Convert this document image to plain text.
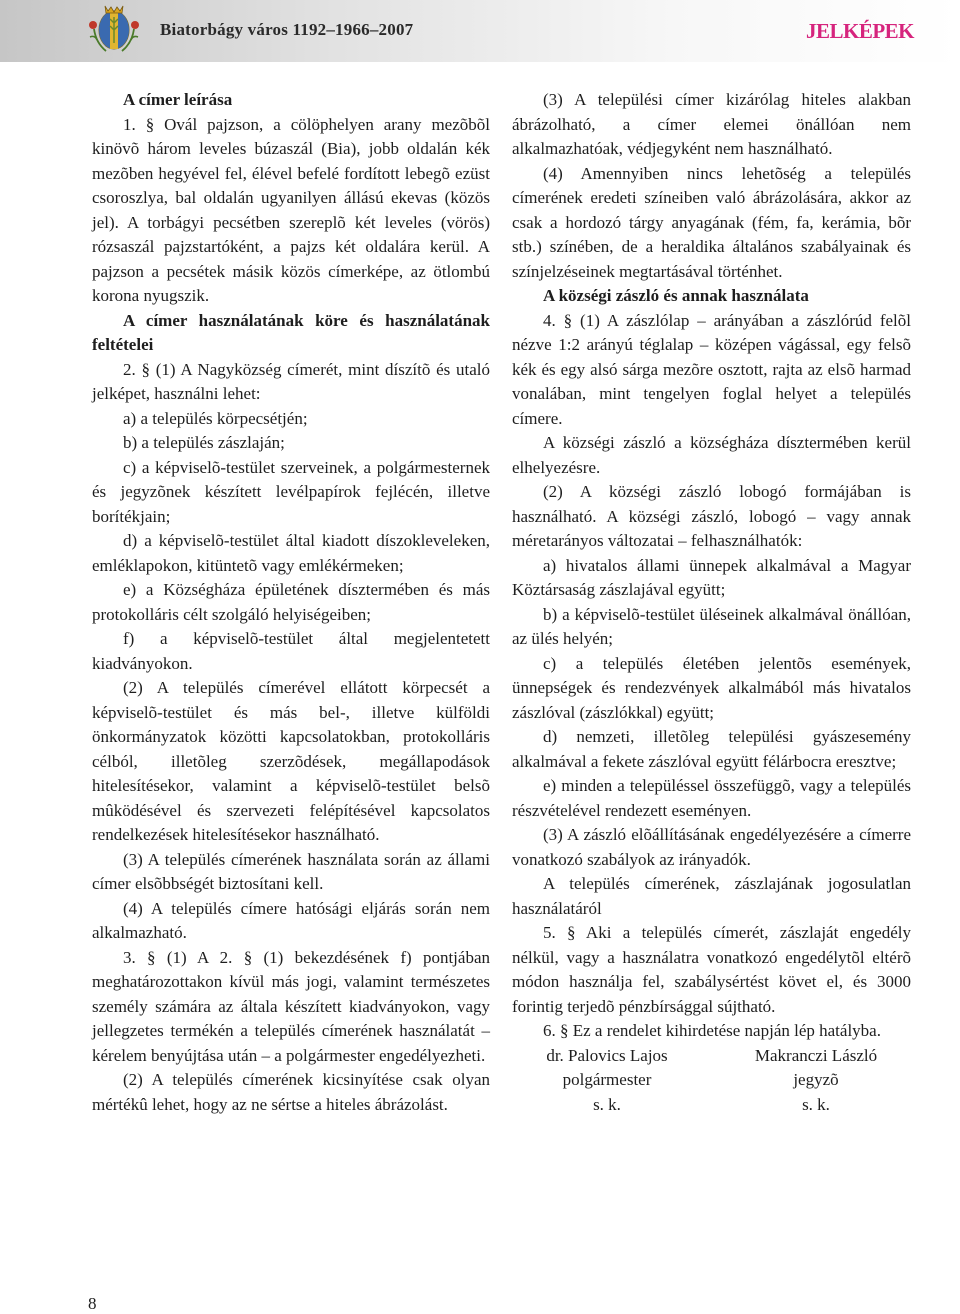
Biatorbágy város 1192–1966–2007	JELKÉPEK

A címer leírása

1. § Ovál pajzson, a cölöphelyen arany mezõbõl kinövõ három leveles búzaszál (Bia), jobb oldalán kék mezõben hegyével fel, élével befelé fordított lebegõ ezüst csoroszlya, bal oldalán ugyanilyen állású ekevas (közös jel). A torbágyi pecsétben szereplõ két leveles (vörös) rózsaszál pajzstartóként, a pajzs két oldalára kerül. A pajzson a pecsétek másik közös címerképe, az ötlombú korona nyugszik.

A címer használatának köre és használatának feltételei

2. § (1) A Nagyközség címerét, mint díszítõ és utaló jelképet, használni lehet:

a) a település körpecsétjén;

b) a település zászlaján;

c) a képviselõ-testület szerveinek, a polgármesternek és jegyzõnek készített levélpapírok fejlécén, illetve borítékjain;

d) a képviselõ-testület által kiadott díszokleveleken, emléklapokon, kitüntetõ vagy emlékérmeken;

e) a Községháza épületének dísztermében és más protokolláris célt szolgáló helyiségeiben;

f) a képviselõ-testület által megjelentetett kiadványokon.

(2) A település címerével ellátott körpecsét a képviselõ-testület és más bel-, illetve külföldi önkormányzatok közötti kapcsolatokban, protokolláris célból, illetõleg szerzõdések, megállapodások hitelesítésekor, valamint a képviselõ-testület belsõ mûködésével és szervezeti felépítésével kapcsolatos rendelkezések hitelesítésekor használható.

(3) A település címerének használata során az állami címer elsõbbségét biztosítani kell.

(4) A település címere hatósági eljárás során nem alkalmazható.

3. § (1) A 2. § (1) bekezdésének f) pontjában meghatározottakon kívül más jogi, valamint természetes személy számára az általa készített kiadványokon, vagy jellegzetes termékén a település címerének használatát – kérelem benyújtása után – a polgármester engedélyezheti.

(2) A település címerének kicsinyítése csak olyan mértékû lehet, hogy az ne sértse a hiteles ábrázolást.

(3) A települési címer kizárólag hiteles alakban ábrázolható, a címer elemei önállóan nem alkalmazhatóak, védjegyként nem használható.

(4) Amennyiben nincs lehetõség a település címerének eredeti színeiben való ábrázolására, akkor az csak a hordozó tárgy anyagának (fém, fa, kerámia, bõr stb.) színében, de a heraldika általános szabályainak és színjelzéseinek megtartásával történhet.

A községi zászló és annak használata

4. § (1) A zászlólap – arányában a zászlórúd felõl nézve 1:2 arányú téglalap – középen vágással, egy felsõ kék és egy alsó sárga mezõre osztott, rajta az elsõ harmad vonalában, mint tengelyen foglal helyet a település címere.

A községi zászló a községháza dísztermében kerül elhelyezésre.

(2) A községi zászló lobogó formájában is használható. A községi zászló, lobogó – vagy annak méretarányos változatai – felhasználhatók:

a) hivatalos állami ünnepek alkalmával a Magyar Köztársaság zászlajával együtt;

b) a képviselõ-testület üléseinek alkalmával önállóan, az ülés helyén;

c) a település életében jelentõs események, ünnepségek és rendezvények alkalmából más hivatalos zászlóval (zászlókkal) együtt;

d) nemzeti, illetõleg települési gyászesemény alkalmával a fekete zászlóval együtt félárbocra eresztve;

e) minden a településsel összefüggõ, vagy a település részvételével rendezett eseményen.

(3) A zászló elõállításának engedélyezésére a címerre vonatkozó szabályok az irányadók.

A település címerének, zászlajának jogosulatlan használatáról

5. § Aki a település címerét, zászlaját engedély nélkül, vagy a használatra vonatkozó engedélytõl eltérõ módon használja fel, szabálysértést követ el, és 3000 forintig terjedõ pénzbírsággal sújtható.

6. § Ez a rendelet kihirdetése napján lép hatályba.

dr. Palovics Lajos
polgármester
s. k.
Makranczi László
jegyzõ
s. k.
8
